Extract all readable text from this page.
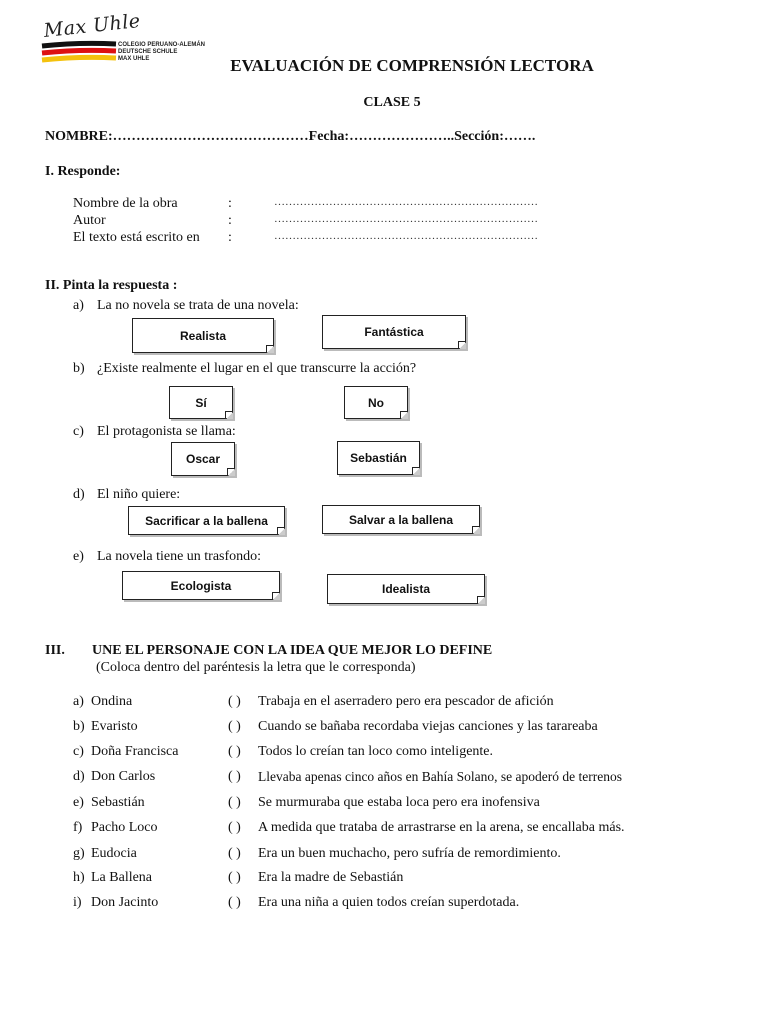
Max Uhle
COLEGIO PERUANO-ALEMÁN
DEUTSCHE SCHULE
MAX UHLE	EVALUACIÓN DE COMPRENSIÓN LECTORA
CLASE 5
NOMBRE:……………………………………Fecha:…………………..Sección:…….
I. Responde:
Nombre de la obra	:	………………………………………………………………
Autor	:	………………………………………………………………
El texto está escrito en :	………………………………………………………………
II. Pinta la respuesta :
a) La no novela se trata de una novela:
Realista	Fantástica
b) ¿Existe realmente el lugar en el que transcurre la acción?
Sí	No
c) El protagonista se llama:
Oscar	Sebastián
d) El niño quiere:
Sacrificar a la ballena	Salvar a la ballena
e) La novela tiene un trasfondo:
Ecologista	Idealista
III. UNE EL PERSONAJE CON LA IDEA QUE MEJOR LO DEFINE
(Coloca dentro del paréntesis la letra que le corresponda)
a) Ondina	( ) Trabaja en el aserradero pero era pescador de afición
b) Evaristo	( ) Cuando se bañaba recordaba viejas canciones y las tarareaba
c) Doña Francisca	( ) Todos lo creían tan loco como inteligente.
d) Don Carlos	( ) Llevaba apenas cinco años en Bahía Solano, se apoderó de terrenos
e) Sebastián	( ) Se murmuraba que estaba loca pero era inofensiva
f) Pacho Loco	( ) A medida que trataba de arrastrarse en la arena, se encallaba más.
g) Eudocia	( ) Era un buen muchacho, pero sufría de remordimiento.
h) La Ballena	( ) Era la madre de Sebastián
i) Don Jacinto	( ) Era una niña a quien todos creían superdotada.
